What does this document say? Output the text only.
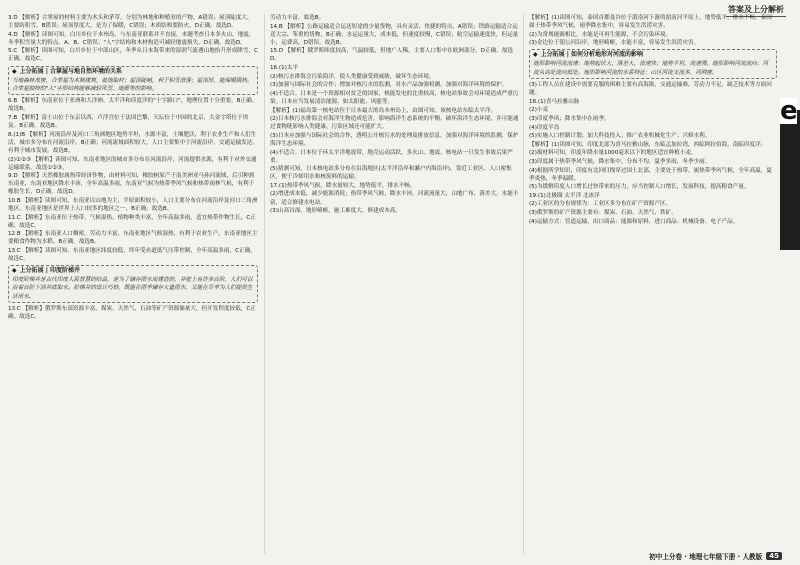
答案及上分解析

3.D 【解析】合掌屋的材料主要为木头和茅草，分别为林地和种植业的产物，A错误；屋顶陡度大，主要防积雪，B错误；屋顶厚度大，是为了保暖，C错误；木质结构要防火，D正确。故选D。

4.D 【解析】读图可知，白川乡位于本州岛，与东南亚联系并不直接，本题考查日本多火山、地震，冬季积雪量大的特点。A、B、C错误；"人"字结构和木材构造可减轻地震损失，D正确。故选D。

5.C 【解析】读图可知，白川乡位于中部山区，冬季从日本海带来的湿润气流遇山地抬升形成降雪，C正确。故选C。

◆ 上分拓展 | 合掌屋与地自然环境的关系

当地森林茂密，合掌屋为木制建筑，就地取材；屋顶陡峭，利于积雪滑落；屋顶厚，能保暖隔热。合掌屋独特的"人"字形结构能够减轻风雪、地震等的影响。

6.B 【解析】东南亚位于亚洲和大洋洲、太平洋和印度洋的"十字路口"，地理位置十分重要，B正确。故选B。

7.B 【解析】富士山位于东京以西，卢浮宫位于法国巴黎，天坛位于中国的北京，大金字塔位于埃及。B正确。故选B。

8.(1)B 【解析】河流沿岸及河口三角洲地区地势平坦，水源丰富，土壤肥沃，利于农业生产和人们生活，城市多分布在河流沿岸，B正确；河流流域面积较大，人口主要集中于河流沿岸，交通运输发达，有利于城市发展。故选B。

(2)①②③ 【解析】读图可知，东南亚地区的城市多分布在河流沿岸，河流提供水源，有利于对外交通运输联系。故选①②③。

9.D 【解析】天然橡胶属热带经济作物，由材料可知，橡胶树原产于南美洲亚马孙河流域，后引种到东南亚，东南亚地区降水丰沛，全年高温多雨，东南亚气候为热带季风气候和热带雨林气候，有利于橡胶生长，D正确。故选D。

10.B 【解析】读图可知，东南亚以山地为主，平原面积较小，人口主要分布在河流沿岸及河口三角洲地区，东南亚地区是世界上人口较多的地区之一，B正确。故选B。

11.C 【解析】东南亚位于热带，气候湿热，植物种类丰富，全年高温多雨，适宜热带作物生长，C正确。故选C。

12.B 【解析】东南亚人口稠密，劳动力丰富，东南亚地区气候湿热，有利于农业生产，东南亚地区主要粮食作物为水稻。B正确。故选B。

13.C 【解析】读图可知，东南亚地区纬度较低，终年受赤道低气压带控制，全年高温多雨，C正确。故选C。

◆ 上分拓展 | 印度阶梯井

印度阶梯井是古代印度人民智慧的结晶，是为了储存雨水而建造的，井壁上有许多台阶，人们可以沿着台阶下到井底取水。阶梯井的设计巧妙，既能在雨季储存大量雨水，又能在旱季为人们提供生活用水。

13.C 【解析】俄罗斯东部资源丰富，煤炭、天然气、石油等矿产资源储量大，但开发程度较低，C正确。故选C。

劳动力丰富。故选B。

14.B 【解析】公路运输适合运送短途的少量货物，具有灵活、快捷的特点，A错误；铁路运输适合运送大宗、笨重的货物，B正确；水运运量大，成本低，但速度较慢，C错误；航空运输速度快，但运量小，运费高，D错误。故选B。

15.D 【解析】俄罗斯纬度较高，气温较低，但地广人稀，主要人口集中在欧洲部分，D正确。故选D。

16.(1)太平

(2)核污水排海会污染海洋，使人类健康受到威胁，破坏生态环境。

(3)加强与国际社会的合作；增加对核污水的监测，对水产品加强检测，加强对海洋环境的保护。

(4)不适合。日本是一个资源相对贫乏的国家，核能发电的比重较高，核电站事故会对环境造成严重污染。日本应当发展清洁能源，如太阳能、风能等。

【解析】(1)福岛第一核电站位于日本最大的岛本州岛上，由图可知，该核电站东临太平洋。

(2)日本核污水排海会对海洋生物造成危害，影响海洋生态系统的平衡，破坏海洋生态环境，并可能通过食物链影响人类健康，污染区域还可能扩大。

(3)日本应加强与国际社会的合作，透明公开核污水的处理及排放信息，加强对海洋环境的监测，保护海洋生态环境。

(4)不适合。日本位于环太平洋地震带，地壳运动活跃，多火山、地震，核电站一旦发生事故后果严重。

(5)猜测可知，日本核电站多分布在沿海地区(太平洋沿岸和濑户内海沿岸)，靠近工业区、人口密集区，便于冷却用水和核废料的运输。

17.(1)热带季风气候，降水量较大，地势低平，排水不畅。

(2)增进成本低，减少能源消耗；热带季风气候，降水丰沛，河流流量大，山地广布，落差大，水能丰富，适合修建水电站。

(3)山高谷深，地形崎岖，施工难度大，修建成本高。

【解析】(1)读图可知，泰国首都曼谷位于湄南河下游的湄南河平原上，地势低平，排水不畅，泰国属于热带季风气候，雨季降水集中，容易发生洪涝灾害。

(2)为常规能源相比，水能是可再生能源，不会污染环境。

(3)金边位于湄公河沿岸，地形崎岖，水能丰富，容易发生洪涝灾害。

◆ 上分拓展 | 如何分析地形对河流的影响

地形影响河流流速：地势起伏大，落差大，流速快；地势平坦，流速慢。地形影响河流流向：河流从高处流向低处。地形影响河流的水系特征：山区河流支流多，河网密。

(3)工程人员在建设中需要克服的困难主要有高海拔，交通运输难，劳动力不足，缺乏技术等方面问题。

18.(1)喜马拉雅山脉

(2)小麦

(3)印度季风；降水集中在雨季。

(4)印度半岛

(5)实施人口控制计划；加大科技投入；推广农业机械化生产；兴修水利。

【解析】(1)读图可知，印度北部为喜马拉雅山脉，东临孟加拉湾，西临阿拉伯海，南临印度洋。

(2)揭材料可知，印度年降水量1000毫米以下的地区适宜种植小麦。

(3)印度属于热带季风气候，降水集中，分布不均，夏季多雨，冬季少雨。

(4)根据所学知识，印度有北回归线穿过国土北部，主要处于热带，属热带季风气候，全年高温，夏季炎热，冬季温暖。

(5)为缓解印度人口增长过快带来的压力，应当控制人口增长，发展科技，提高粮食产量。

19.(1)北极圈 太平洋 北冰洋

(2)工业区的分布规律为：工业区多分布在矿产资源产区。

(3)俄罗斯的矿产资源主要有：煤炭、石油、天然气、铁矿。

(4)运输方式：管道运输，出口商品：能源和原料，进口商品：机械设备、电子产品。

e
初中上分卷 · 地理七年级下册 · 人教版	45
